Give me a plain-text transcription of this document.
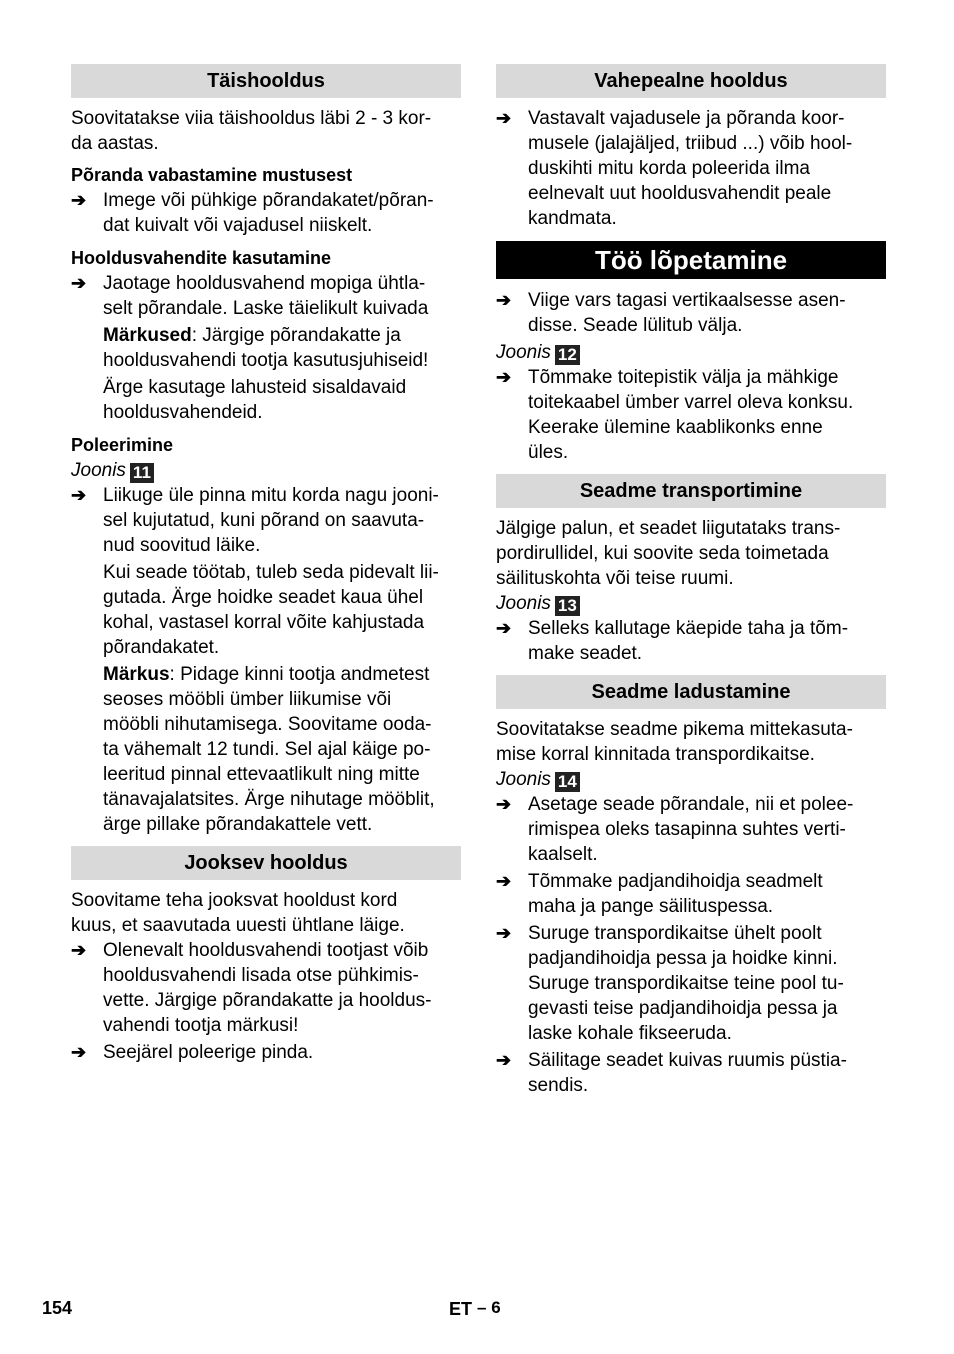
Täishooldus
Soovitatakse viia täishooldus läbi 2 - 3 kor-
da aastas.
Põranda vabastamine mustusest
➔ Imege või pühkige põrandakatet/põran-
dat kuivalt või vajadusel niiskelt.
Hooldusvahendite kasutamine
➔ Jaotage hooldusvahend mopiga ühtla-
selt põrandale. Laske täielikult kuivada
Märkused: Järgige põrandakatte ja
hooldusvahendi tootja kasutusjuhiseid!
Ärge kasutage lahusteid sisaldavaid
hooldusvahendeid.
Poleerimine
Joonis 11
➔ Liikuge üle pinna mitu korda nagu jooni-
sel kujutatud, kuni põrand on saavuta-
nud soovitud läike.
Kui seade töötab, tuleb seda pidevalt lii-
gutada. Ärge hoidke seadet kaua ühel
kohal, vastasel korral võite kahjustada
põrandakatet.
Märkus: Pidage kinni tootja andmetest
seoses mööbli ümber liikumise või
mööbli nihutamisega. Soovitame ooda-
ta vähemalt 12 tundi. Sel ajal käige po-
leeritud pinnal ettevaatlikult ning mitte
tänavajalatsites. Ärge nihutage mööblit,
ärge pillake põrandakattele vett.
Jooksev hooldus
Soovitame teha jooksvat hooldust kord
kuus, et saavutada uuesti ühtlane läige.
➔ Olenevalt hooldusvahendi tootjast võib
hooldusvahendi lisada otse pühkimis-
vette. Järgige põrandakatte ja hooldus-
vahendi tootja märkusi!
➔ Seejärel poleerige pinda.
Vahepealne hooldus
➔ Vastavalt vajadusele ja põranda koor-
musele (jalajäljed, triibud ...) võib hool-
duskihti mitu korda poleerida ilma
eelnevalt uut hooldusvahendit peale
kandmata.
Töö lõpetamine
➔ Viige vars tagasi vertikaalsesse asen-
disse. Seade lülitub välja.
Joonis 12
➔ Tõmmake toitepistik välja ja mähkige
toitekaabel ümber varrel oleva konksu.
Keerake ülemine kaablikonks enne
üles.
Seadme transportimine
Jälgige palun, et seadet liigutataks trans-
pordirullidel, kui soovite seda toimetada
säilituskohta või teise ruumi.
Joonis 13
➔ Selleks kallutage käepide taha ja tõm-
make seadet.
Seadme ladustamine
Soovitatakse seadme pikema mittekasuta-
mise korral kinnitada transpordikaitse.
Joonis 14
➔ Asetage seade põrandale, nii et polee-
rimispea oleks tasapinna suhtes verti-
kaalselt.
➔ Tõmmake padjandihoidja seadmelt
maha ja pange säilituspessa.
➔ Suruge transpordikaitse ühelt poolt
padjandihoidja pessa ja hoidke kinni.
Suruge transpordikaitse teine pool tu-
gevasti teise padjandihoidja pessa ja
laske kohale fikseeruda.
➔ Säilitage seadet kuivas ruumis püstia-
sendis.
154	ET – 6
